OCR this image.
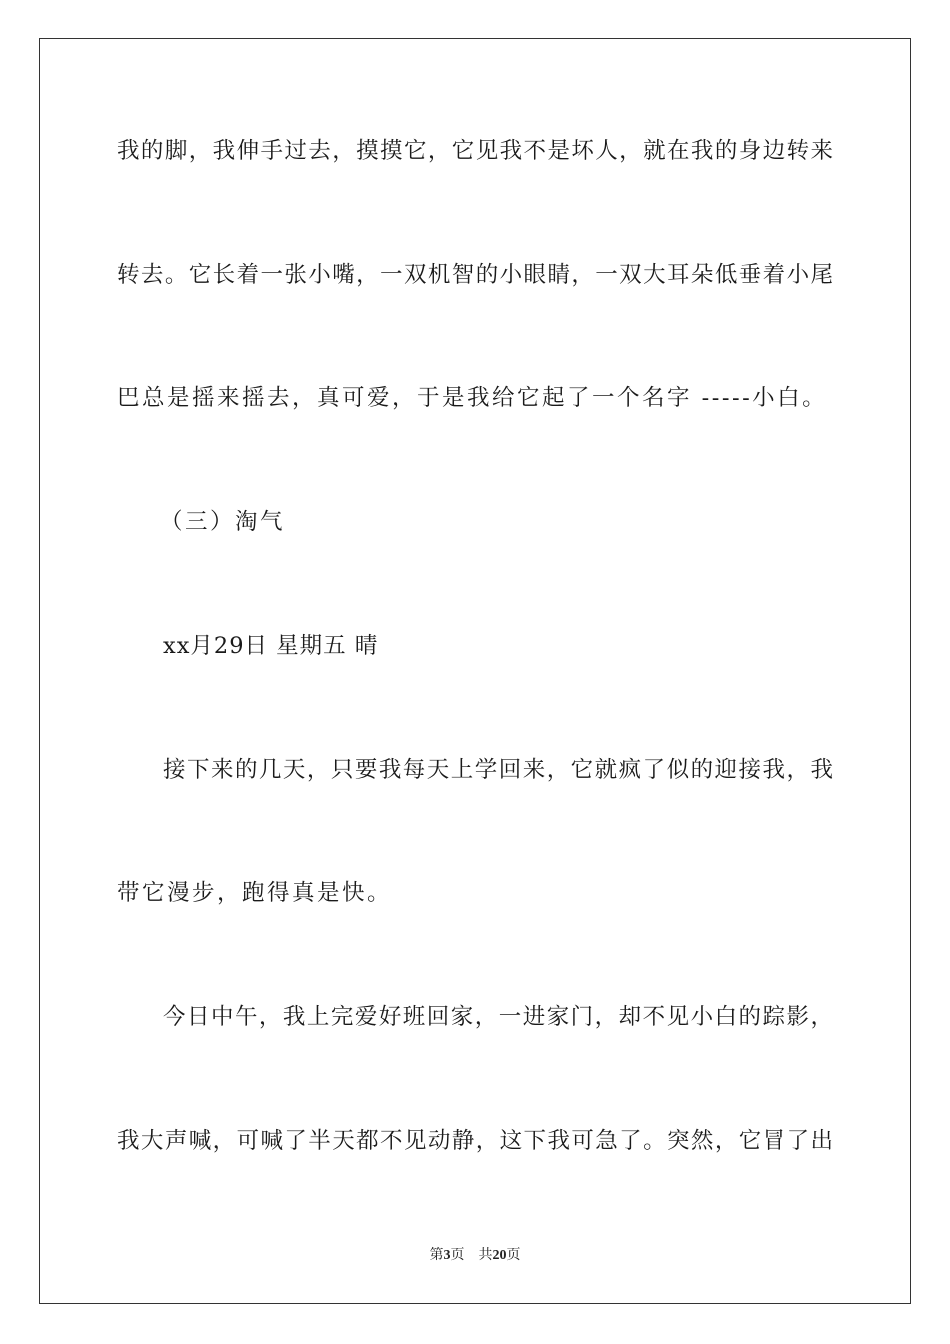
我的脚，我伸手过去，摸摸它，它见我不是坏人，就在我的身边转来
转去。它长着一张小嘴，一双机智的小眼睛，一双大耳朵低垂着小尾
巴总是摇来摇去，真可爱，于是我给它起了一个名字 -----小白。
（三）淘气
xx月29日 星期五 晴
接下来的几天，只要我每天上学回来，它就疯了似的迎接我，我
带它漫步，跑得真是快。
今日中午，我上完爱好班回家，一进家门，却不见小白的踪影，
我大声喊，可喊了半天都不见动静，这下我可急了。突然，它冒了出
第3页　共20页
